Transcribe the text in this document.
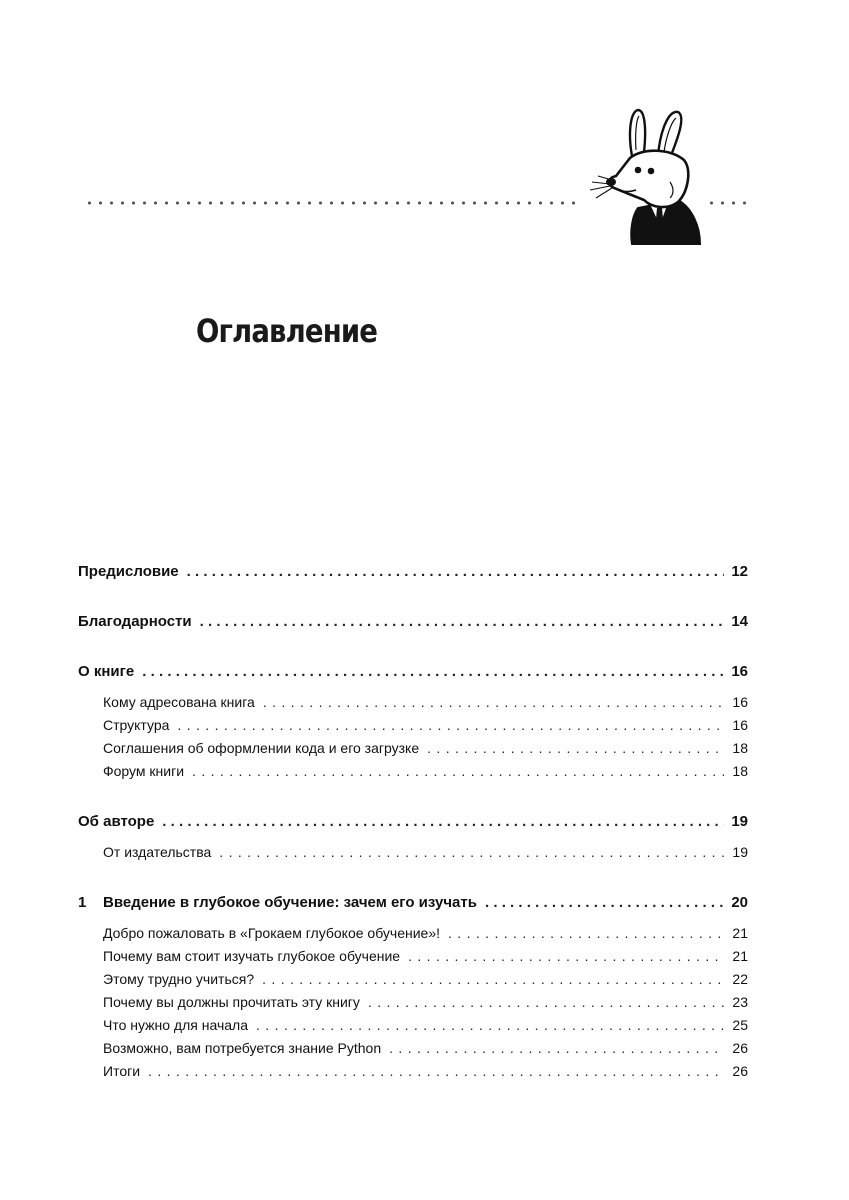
Оглавление
Предисловие .....	12
Благодарности .....	14
О книге .....	16
Кому адресована книга .....	16
Структура .....	16
Соглашения об оформлении кода и его загрузке .....	18
Форум книги .....	18
Об авторе .....	19
От издательства .....	19
1	Введение в глубокое обучение: зачем его изучать .....	20
Добро пожаловать в «Грокаем глубокое обучение»! .....	21
Почему вам стоит изучать глубокое обучение .....	21
Этому трудно учиться? .....	22
Почему вы должны прочитать эту книгу .....	23
Что нужно для начала .....	25
Возможно, вам потребуется знание Python .....	26
Итоги .....	26
